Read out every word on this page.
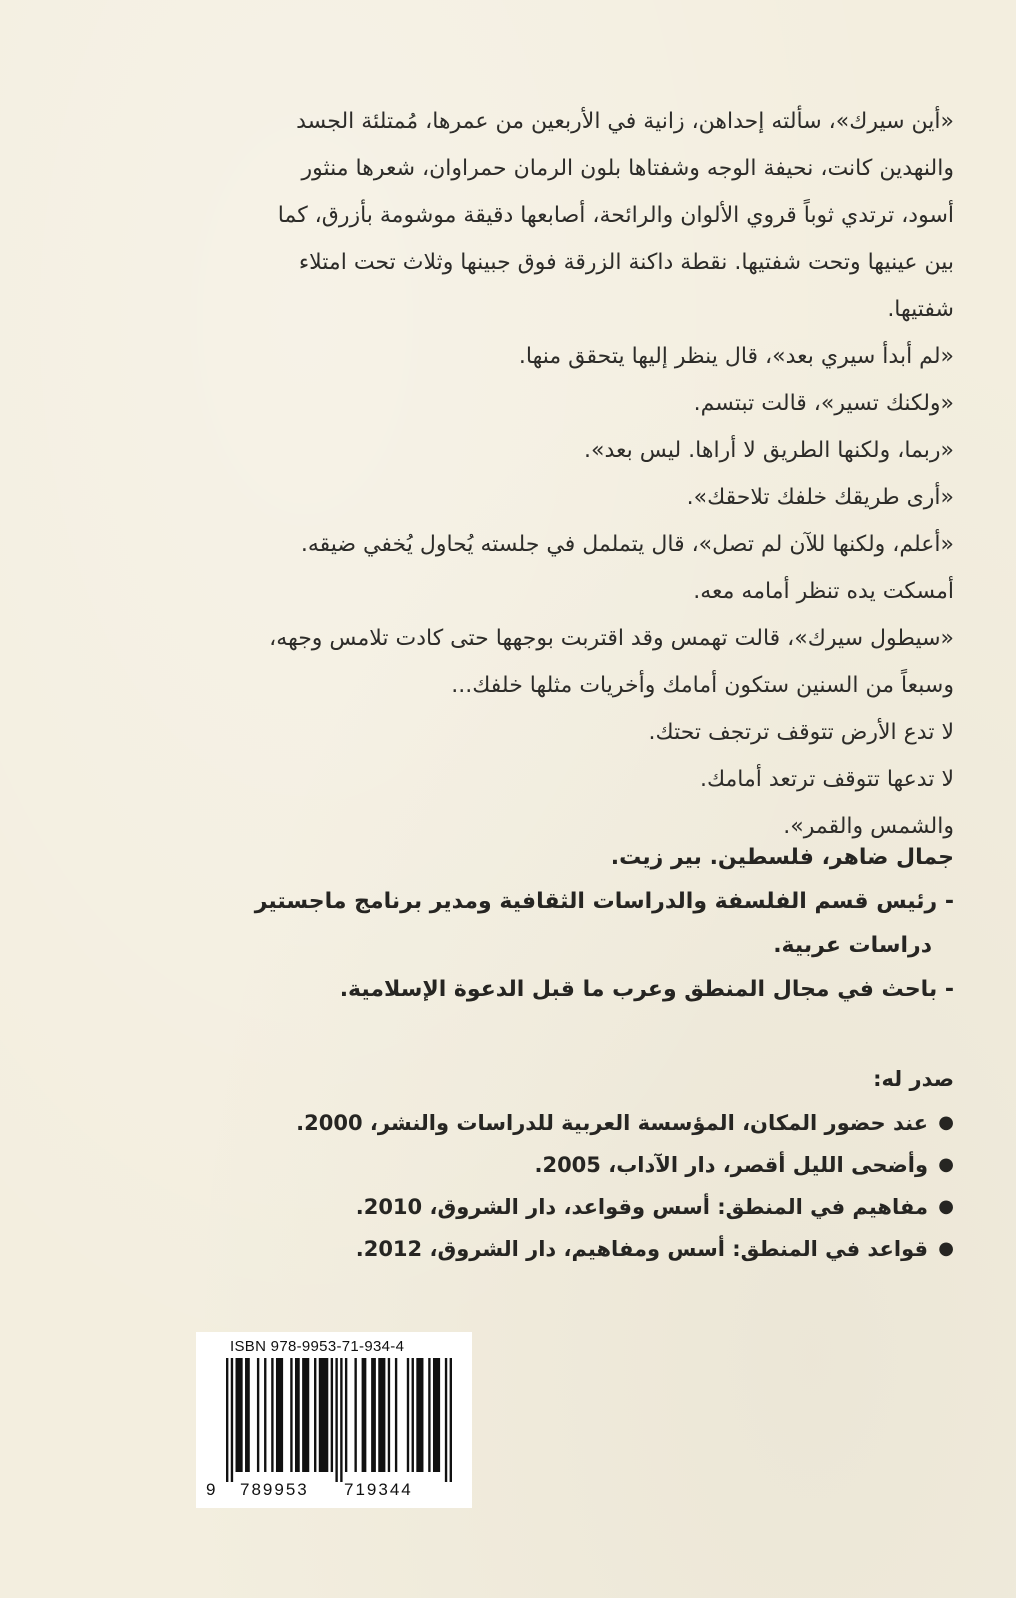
«أين سيرك»، سألته إحداهن، زانية في الأربعين من عمرها، مُمتلئة الجسد

والنهدين كانت، نحيفة الوجه وشفتاها بلون الرمان حمراوان، شعرها منثور

أسود، ترتدي ثوباً قروي الألوان والرائحة، أصابعها دقيقة موشومة بأزرق، كما

بين عينيها وتحت شفتيها. نقطة داكنة الزرقة فوق جبينها وثلاث تحت امتلاء

شفتيها.

«لم أبدأ سيري بعد»، قال ينظر إليها يتحقق منها.

«ولكنك تسير»، قالت تبتسم.

«ربما، ولكنها الطريق لا أراها. ليس بعد».

«أرى طريقك خلفك تلاحقك».

«أعلم، ولكنها للآن لم تصل»، قال يتململ في جلسته يُحاول يُخفي ضيقه.

أمسكت يده تنظر أمامه معه.

«سيطول سيرك»، قالت تهمس وقد اقتربت بوجهها حتى كادت تلامس وجهه،

وسبعاً من السنين ستكون أمامك وأخريات مثلها خلفك...

لا تدع الأرض تتوقف ترتجف تحتك.

لا تدعها تتوقف ترتعد أمامك.

والشمس والقمر».

جمال ضاهر، فلسطين. بير زيت.

- رئيس قسم الفلسفة والدراسات الثقافية ومدير برنامج ماجستير

دراسات عربية.

- باحث في مجال المنطق وعرب ما قبل الدعوة الإسلامية.

صدر له:

●
عند حضور المكان، المؤسسة العربية للدراسات والنشر، 2000.
●
وأضحى الليل أقصر، دار الآداب، 2005.
●
مفاهيم في المنطق: أسس وقواعد، دار الشروق، 2010.
●
قواعد في المنطق: أسس ومفاهيم، دار الشروق، 2012.
ISBN 978-9953-71-934-4
9 789953 719344
